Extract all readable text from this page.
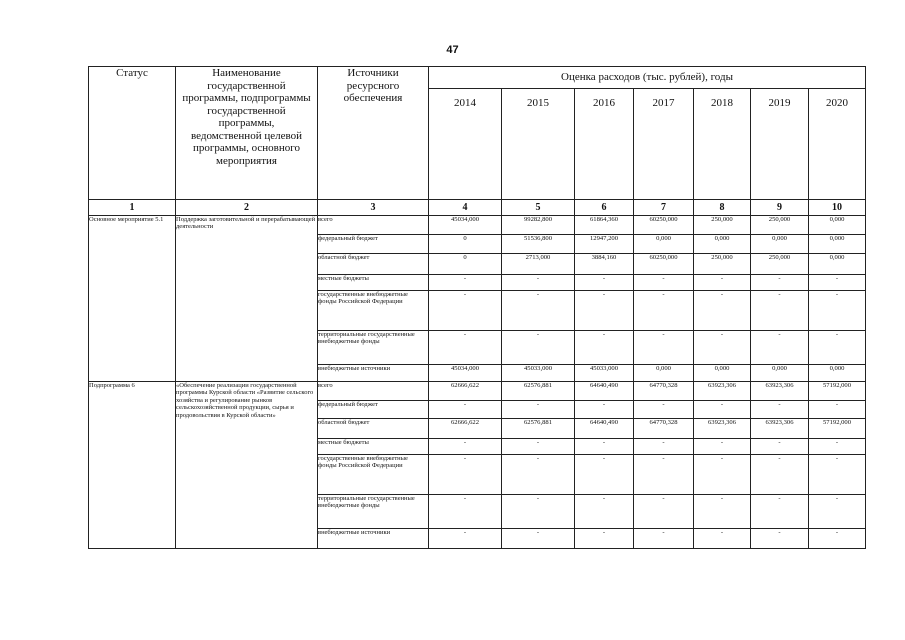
47
Статус	Наименование государственной программы, подпрограммы государственной программы, ведомственной целевой программы, основного мероприятия	Источники ресурсного обеспечения	Оценка расходов (тыс. рублей), годы						
			2014	2015	2016	2017	2018	2019	2020
1	2	3	4	5	6	7	8	9	10
Основное мероприятие 5.1	Поддержка заготовительной и перерабатывающей деятельности	всего	45034,000	99282,800	61864,360	60250,000	250,000	250,000	0,000
		федеральный бюджет	0	51536,800	12947,200	0,000	0,000	0,000	0,000
		областной бюджет	0	2713,000	3884,160	60250,000	250,000	250,000	0,000
		местные бюджеты	-	-	-	-	-	-	-
		государственные внебюджетные фонды Российской Федерации	-	-	-	-	-	-	-
		территориальные государственные внебюджетные фонды	-	-	-	-	-	-	-
		внебюджетные источники	45034,000	45033,000	45033,000	0,000	0,000	0,000	0,000
Подпрограмма 6	«Обеспечение реализации государственной программы Курской области «Развитие сельского хозяйства и регулирование рынков сельскохозяйственной продукции, сырья и продовольствия в Курской области»	всего	62666,622	62576,881	64640,490	64770,328	63923,306	63923,306	57192,000
		федеральный бюджет	-	-	-	-	-	-	-
		областной бюджет	62666,622	62576,881	64640,490	64770,328	63923,306	63923,306	57192,000
		местные бюджеты	-	-	-	-	-	-	-
		государственные внебюджетные фонды Российской Федерации	-	-	-	-	-	-	-
		территориальные государственные внебюджетные фонды	-	-	-	-	-	-	-
		внебюджетные источники	-	-	-	-	-	-	-
